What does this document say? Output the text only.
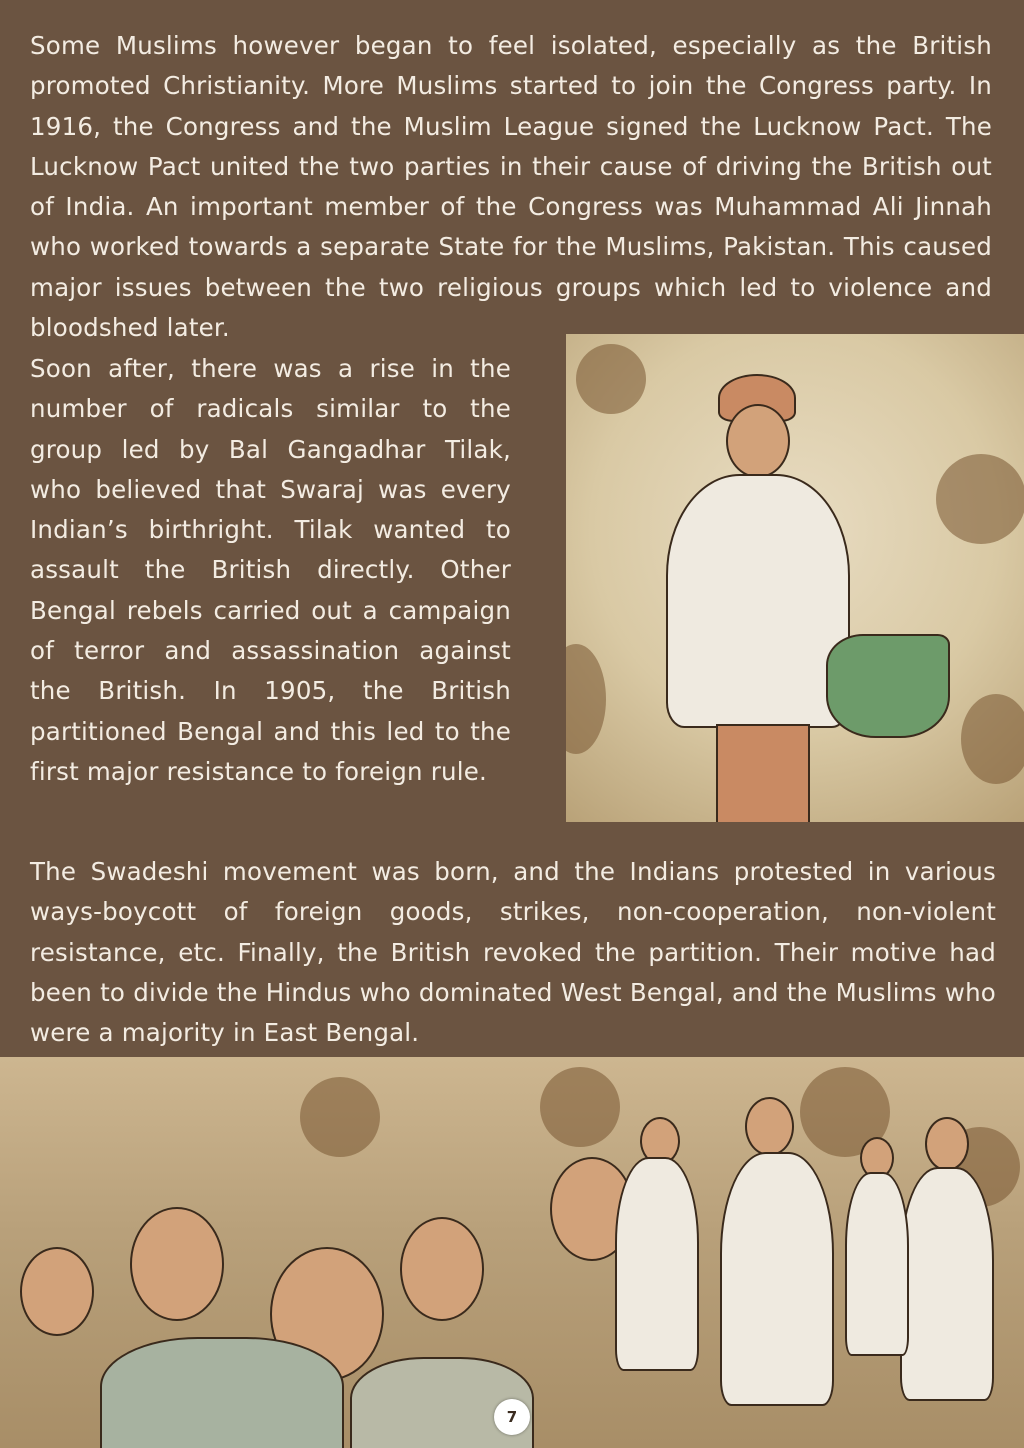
Some Muslims however began to feel isolated, especially as the British promoted Christianity. More Muslims started to join the Congress party. In 1916, the Congress and the Muslim League signed the Lucknow Pact. The Lucknow Pact united the two parties in their cause of driving the British out of India. An important member of the Congress was Muhammad Ali Jinnah who worked towards a separate State for the Muslims, Pakistan. This caused major issues between the two religious groups which led to violence and bloodshed later.

Soon after, there was a rise in the number of radicals similar to the group led by Bal Gangadhar Tilak, who believed that Swaraj was every Indian’s birthright. Tilak wanted to assault the British directly. Other Bengal rebels carried out a campaign of terror and assassination against the British. In 1905, the British partitioned Bengal and this led to the first major resistance to foreign rule.

The Swadeshi movement was born, and the Indians protested in various ways-boycott of foreign goods, strikes, non-cooperation, non-violent resistance, etc. Finally, the British revoked the partition. Their motive had been to divide the Hindus who dominated West Bengal, and the Muslims who were a majority in East Bengal.

7
